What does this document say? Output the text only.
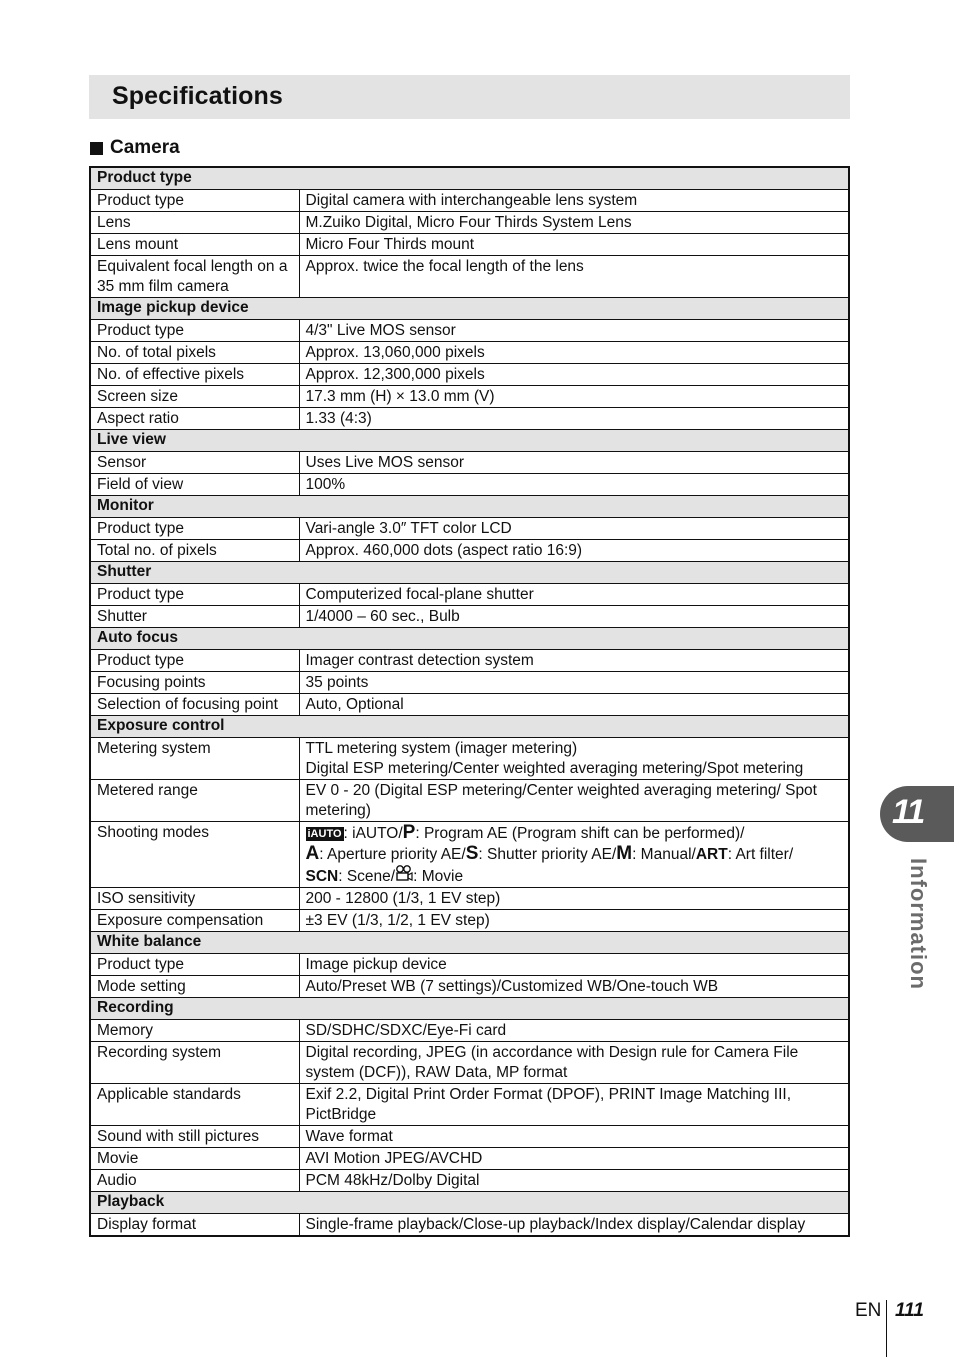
Specifications
Camera
Product type	
Product type	Digital camera with interchangeable lens system
Lens	M.Zuiko Digital, Micro Four Thirds System Lens
Lens mount	Micro Four Thirds mount
Equivalent focal length on a 35 mm film camera	Approx. twice the focal length of the lens
Image pickup device	
Product type	4/3" Live MOS sensor
No. of total pixels	Approx. 13,060,000 pixels
No. of effective pixels	Approx. 12,300,000 pixels
Screen size	17.3 mm (H) × 13.0 mm (V)
Aspect ratio	1.33 (4:3)
Live view	
Sensor	Uses Live MOS sensor
Field of view	100%
Monitor	
Product type	Vari-angle 3.0″ TFT color LCD
Total no. of pixels	Approx. 460,000 dots (aspect ratio 16:9)
Shutter	
Product type	Computerized focal-plane shutter
Shutter	1/4000 – 60 sec., Bulb
Auto focus	
Product type	Imager contrast detection system
Focusing points	35 points
Selection of focusing point	Auto, Optional
Exposure control	
Metering system	TTL metering system (imager metering)
Digital ESP metering/Center weighted averaging metering/Spot metering
Metered range	EV 0 - 20 (Digital ESP metering/Center weighted averaging metering/ Spot metering)
Shooting modes	iAUTO : iAUTO/P: Program AE (Program shift can be performed)/
A: Aperture priority AE/S: Shutter priority AE/M: Manual/ART: Art filter/
SCN: Scene/ : Movie
ISO sensitivity	200 - 12800 (1/3, 1 EV step)
Exposure compensation	±3 EV (1/3, 1/2, 1 EV step)
White balance	
Product type	Image pickup device
Mode setting	Auto/Preset WB (7 settings)/Customized WB/One-touch WB
Recording	
Memory	SD/SDHC/SDXC/Eye-Fi card
Recording system	Digital recording, JPEG (in accordance with Design rule for Camera File system (DCF)), RAW Data, MP format
Applicable standards	Exif 2.2, Digital Print Order Format (DPOF), PRINT Image Matching III, PictBridge
Sound with still pictures	Wave format
Movie	AVI Motion JPEG/AVCHD
Audio	PCM 48kHz/Dolby Digital
Playback	
Display format	Single-frame playback/Close-up playback/Index display/Calendar display
11
Information
EN 111
